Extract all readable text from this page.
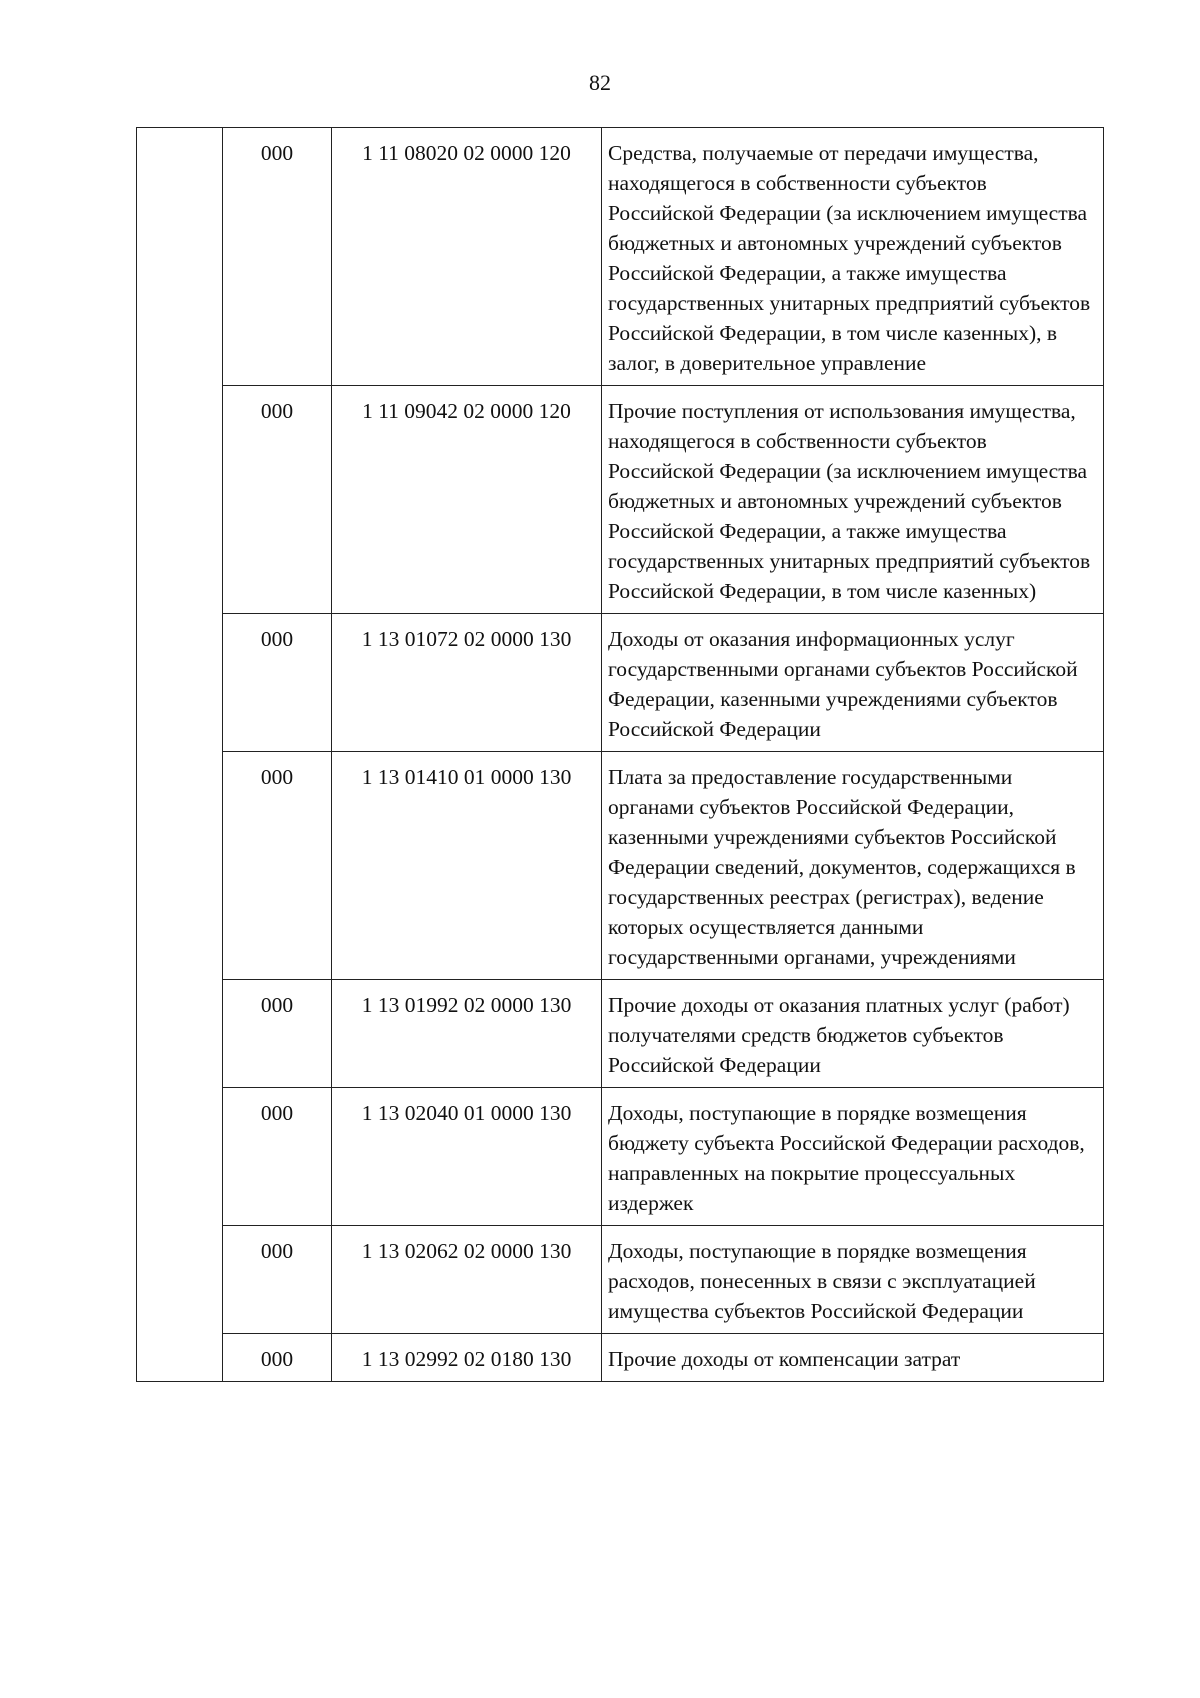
82
	000	1 11 08020 02 0000 120	Средства, получаемые от передачи имущества, находящегося в собственности субъектов Российской Федерации (за исключением имущества бюджетных и автономных учреждений субъектов Российской Федерации, а также имущества государственных унитарных предприятий субъектов Российской Федерации, в том числе казенных), в залог, в доверительное управление
	000	1 11 09042 02 0000 120	Прочие поступления от использования имущества, находящегося в собственности субъектов Российской Федерации (за исключением имущества бюджетных и автономных учреждений субъектов Российской Федерации, а также имущества государственных унитарных предприятий субъектов Российской Федерации, в том числе казенных)
	000	1 13 01072 02 0000 130	Доходы от оказания информационных услуг государственными органами субъектов Российской Федерации, казенными учреждениями субъектов Российской Федерации
	000	1 13 01410 01 0000 130	Плата за предоставление государственными органами субъектов Российской Федерации, казенными учреждениями субъектов Российской Федерации сведений, документов, содержащихся в государственных реестрах (регистрах), ведение которых осуществляется данными государственными органами, учреждениями
	000	1 13 01992 02 0000 130	Прочие доходы от оказания платных услуг (работ) получателями средств бюджетов субъектов Российской Федерации
	000	1 13 02040 01 0000 130	Доходы, поступающие в порядке возмещения бюджету субъекта Российской Федерации расходов, направленных на покрытие процессуальных издержек
	000	1 13 02062 02 0000 130	Доходы, поступающие в порядке возмещения расходов, понесенных в связи с эксплуатацией имущества субъектов Российской Федерации
	000	1 13 02992 02 0180 130	Прочие доходы от компенсации затрат
